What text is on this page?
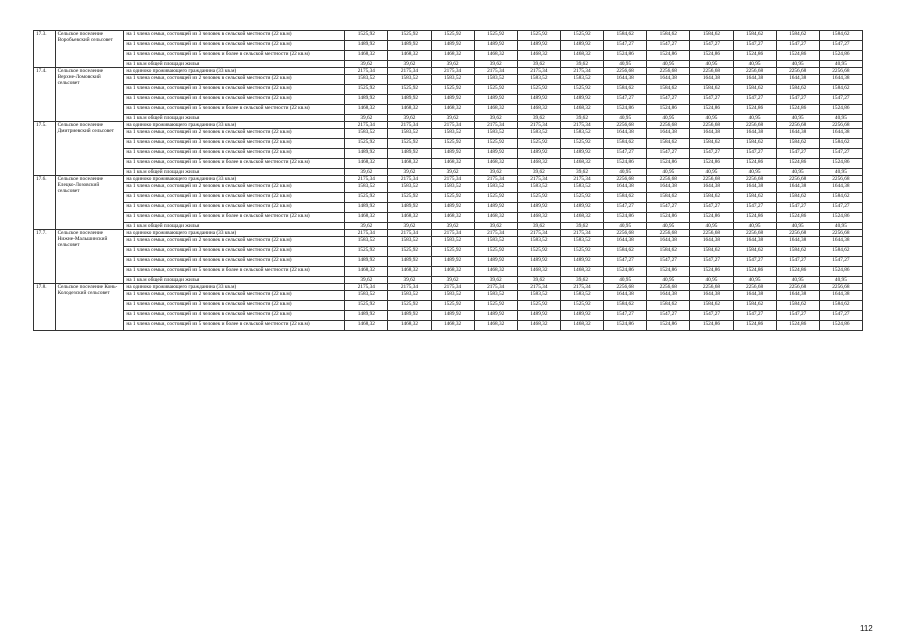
17.3.	Сельское поселение Воробьевский сельсовет	на 1 члена семьи, состоящей из 3 человек в сельской местности (22 кв.м)	1525,92	1525,92	1525,92	1525,92	1525,92	1525,92	1584,62	1584,62	1584,62	1584,62	1584,62	1584,62
		на 1 члена семьи, состоящей из 4 человек в сельской местности (22 кв.м)	1489,92	1489,92	1489,92	1489,92	1489,92	1489,92	1547,27	1547,27	1547,27	1547,27	1547,27	1547,27
		на 1 члена семьи, состоящей из 5 человек и более в сельской местности (22 кв.м)	1468,32	1468,32	1468,32	1468,32	1468,32	1468,32	1524,86	1524,86	1524,86	1524,86	1524,86	1524,86
		на 1 кв.м общей площади жилья	39,62	39,62	39,62	39,62	39,62	39,62	40,95	40,95	40,95	40,95	40,95	40,95
17.4.	Сельское поселение Верхне-Ломовский сельсовет	на одиноко проживающего гражданина (33 кв.м)	2175,34	2175,34	2175,34	2175,34	2175,34	2175,34	2256,68	2256,68	2256,68	2256,68	2256,68	2256,68
		на 1 члена семьи, состоящей из 2 человек в сельской местности (22 кв.м)	1583,52	1583,52	1583,52	1583,52	1583,52	1583,52	1644,38	1644,38	1644,38	1644,38	1644,38	1644,38
		на 1 члена семьи, состоящей из 3 человек в сельской местности (22 кв.м)	1525,92	1525,92	1525,92	1525,92	1525,92	1525,92	1584,62	1584,62	1584,62	1584,62	1584,62	1584,62
		на 1 члена семьи, состоящей из 4 человек в сельской местности (22 кв.м)	1489,92	1489,92	1489,92	1489,92	1489,92	1489,92	1547,27	1547,27	1547,27	1547,27	1547,27	1547,27
		на 1 члена семьи, состоящей из 5 человек и более в сельской местности (22 кв.м)	1468,32	1468,32	1468,32	1468,32	1468,32	1468,32	1524,86	1524,86	1524,86	1524,86	1524,86	1524,86
		на 1 кв.м общей площади жилья	39,62	39,62	39,62	39,62	39,62	39,62	40,95	40,95	40,95	40,95	40,95	40,95
17.5.	Сельское поселение Дмитриевский сельсовет	на одиноко проживающего гражданина (33 кв.м)	2175,34	2175,34	2175,34	2175,34	2175,34	2175,34	2256,68	2256,68	2256,68	2256,68	2256,68	2256,68
		на 1 члена семьи, состоящей из 2 человек в сельской местности (22 кв.м)	1583,52	1583,52	1583,52	1583,52	1583,52	1583,52	1644,38	1644,38	1644,38	1644,38	1644,38	1644,38
		на 1 члена семьи, состоящей из 3 человек в сельской местности (22 кв.м)	1525,92	1525,92	1525,92	1525,92	1525,92	1525,92	1584,62	1584,62	1584,62	1584,62	1584,62	1584,62
		на 1 члена семьи, состоящей из 4 человек в сельской местности (22 кв.м)	1489,92	1489,92	1489,92	1489,92	1489,92	1489,92	1547,27	1547,27	1547,27	1547,27	1547,27	1547,27
		на 1 члена семьи, состоящей из 5 человек и более в сельской местности (22 кв.м)	1468,32	1468,32	1468,32	1468,32	1468,32	1468,32	1524,86	1524,86	1524,86	1524,86	1524,86	1524,86
		на 1 кв.м общей площади жилья	39,62	39,62	39,62	39,62	39,62	39,62	40,95	40,95	40,95	40,95	40,95	40,95
17.6.	Сельское поселение Елецко-Лозовский сельсовет	на одиноко проживающего гражданина (33 кв.м)	2175,34	2175,34	2175,34	2175,34	2175,34	2175,34	2256,68	2256,68	2256,68	2256,68	2256,68	2256,68
		на 1 члена семьи, состоящей из 2 человек в сельской местности (22 кв.м)	1583,52	1583,52	1583,52	1583,52	1583,52	1583,52	1644,38	1644,38	1644,38	1644,38	1644,38	1644,38
		на 1 члена семьи, состоящей из 3 человек в сельской местности (22 кв.м)	1525,92	1525,92	1525,92	1525,92	1525,92	1525,92	1584,62	1584,62	1584,62	1584,62	1584,62	1584,62
		на 1 члена семьи, состоящей из 4 человек в сельской местности (22 кв.м)	1489,92	1489,92	1489,92	1489,92	1489,92	1489,92	1547,27	1547,27	1547,27	1547,27	1547,27	1547,27
		на 1 члена семьи, состоящей из 5 человек и более в сельской местности (22 кв.м)	1468,32	1468,32	1468,32	1468,32	1468,32	1468,32	1524,86	1524,86	1524,86	1524,86	1524,86	1524,86
		на 1 кв.м общей площади жилья	39,62	39,62	39,62	39,62	39,62	39,62	40,95	40,95	40,95	40,95	40,95	40,95
17.7.	Сельское поселение Нижне-Мальшинский сельсовет	на одиноко проживающего гражданина (33 кв.м)	2175,34	2175,34	2175,34	2175,34	2175,34	2175,34	2256,68	2256,68	2256,68	2256,68	2256,68	2256,68
		на 1 члена семьи, состоящей из 2 человек в сельской местности (22 кв.м)	1583,52	1583,52	1583,52	1583,52	1583,52	1583,52	1644,38	1644,38	1644,38	1644,38	1644,38	1644,38
		на 1 члена семьи, состоящей из 3 человек в сельской местности (22 кв.м)	1525,92	1525,92	1525,92	1525,92	1525,92	1525,92	1584,62	1584,62	1584,62	1584,62	1584,62	1584,62
		на 1 члена семьи, состоящей из 4 человек в сельской местности (22 кв.м)	1489,92	1489,92	1489,92	1489,92	1489,92	1489,92	1547,27	1547,27	1547,27	1547,27	1547,27	1547,27
		на 1 члена семьи, состоящей из 5 человек и более в сельской местности (22 кв.м)	1468,32	1468,32	1468,32	1468,32	1468,32	1468,32	1524,86	1524,86	1524,86	1524,86	1524,86	1524,86
		на 1 кв.м общей площади жилья	39,62	39,62	39,62	39,62	39,62	39,62	40,95	40,95	40,95	40,95	40,95	40,95
17.8.	Сельское поселение Конь-Колодезский сельсовет	на одиноко проживающего гражданина (33 кв.м)	2175,34	2175,34	2175,34	2175,34	2175,34	2175,34	2256,68	2256,68	2256,68	2256,68	2256,68	2256,68
		на 1 члена семьи, состоящей из 2 человек в сельской местности (22 кв.м)	1583,52	1583,52	1583,52	1583,52	1583,52	1583,52	1644,38	1644,38	1644,38	1644,38	1644,38	1644,38
		на 1 члена семьи, состоящей из 3 человек в сельской местности (22 кв.м)	1525,92	1525,92	1525,92	1525,92	1525,92	1525,92	1584,62	1584,62	1584,62	1584,62	1584,62	1584,62
		на 1 члена семьи, состоящей из 4 человек в сельской местности (22 кв.м)	1489,92	1489,92	1489,92	1489,92	1489,92	1489,92	1547,27	1547,27	1547,27	1547,27	1547,27	1547,27
		на 1 члена семьи, состоящей из 5 человек и более в сельской местности (22 кв.м)	1468,32	1468,32	1468,32	1468,32	1468,32	1468,32	1524,86	1524,86	1524,86	1524,86	1524,86	1524,86
112
